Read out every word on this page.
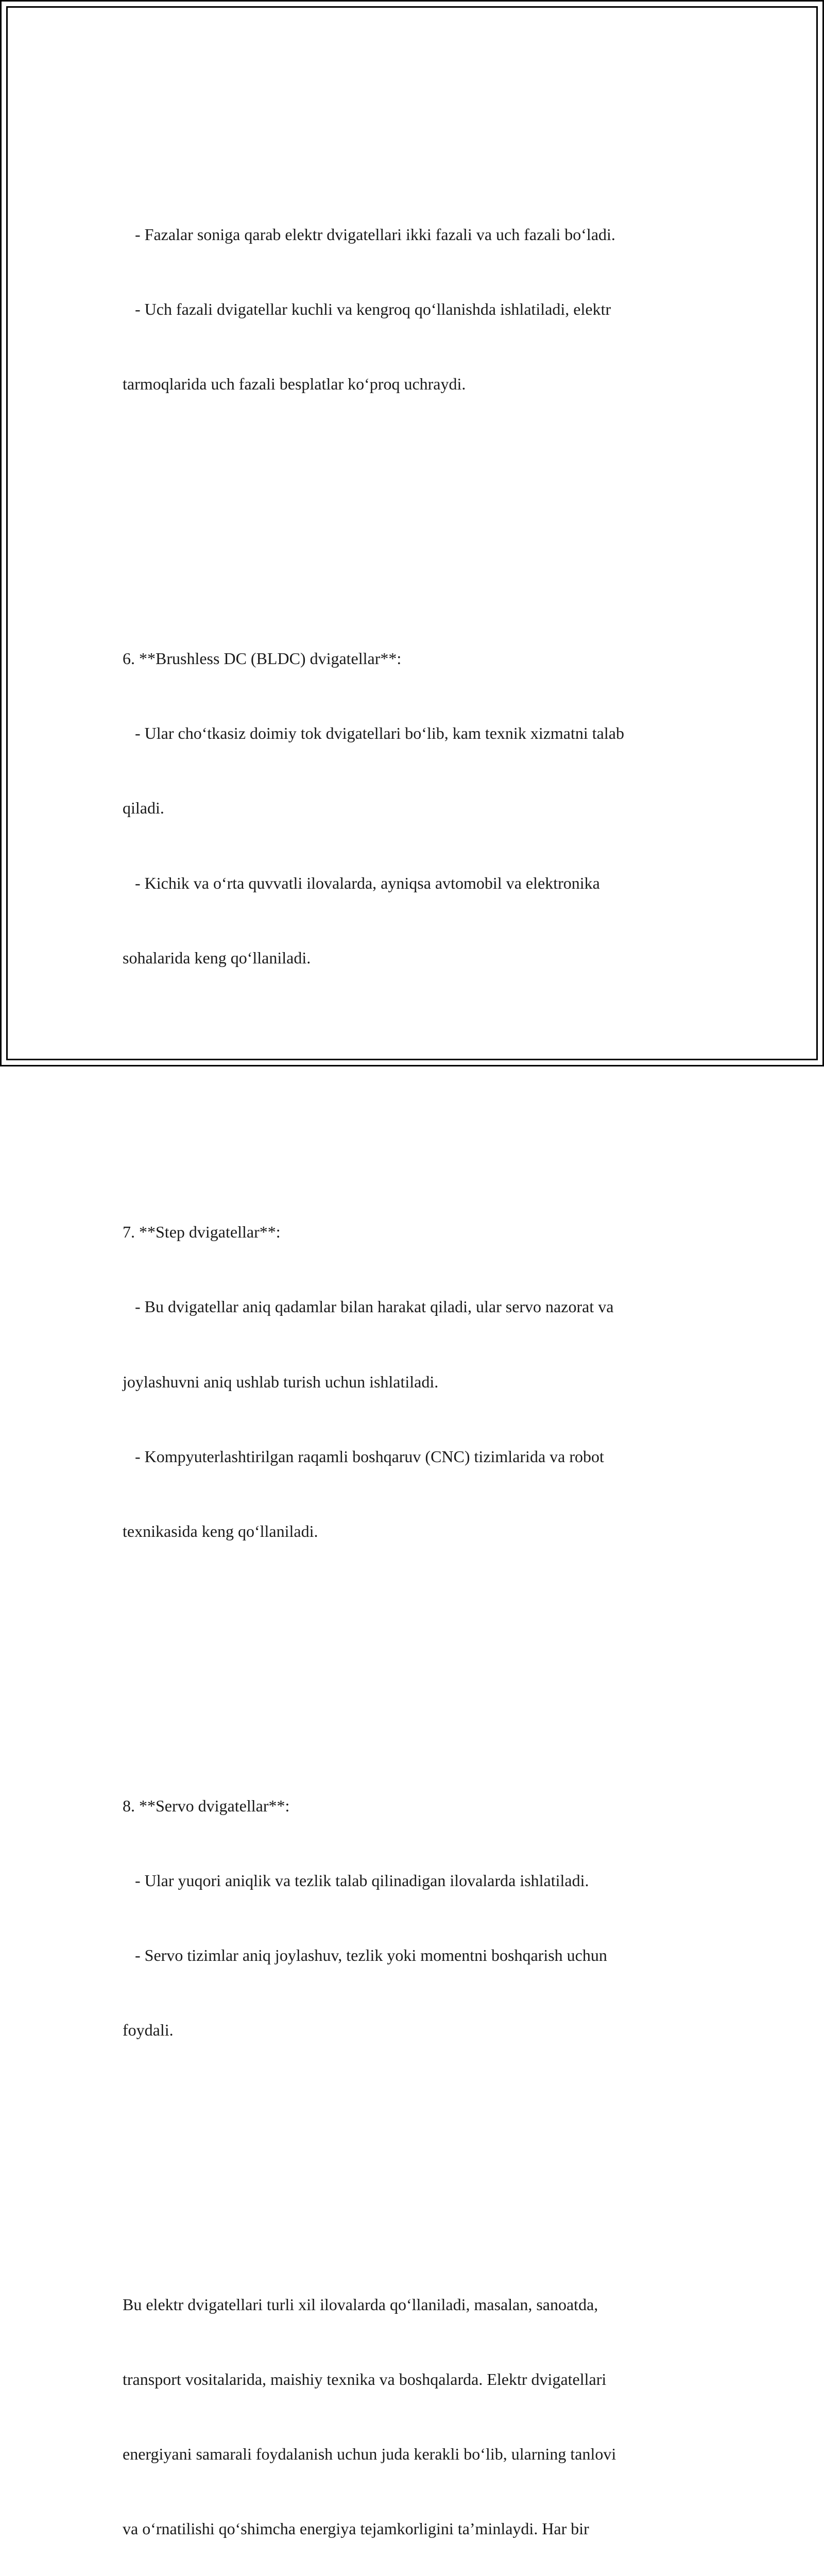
- Fazalar soniga qarab elektr dvigatellari ikki fazali va uch fazali bo‘ladi.

- Uch fazali dvigatellar kuchli va kengroq qo‘llanishda ishlatiladi, elektr

tarmoqlarida uch fazali besplatlar ko‘proq uchraydi.

6. **Brushless DC (BLDC) dvigatellar**:

- Ular cho‘tkasiz doimiy tok dvigatellari bo‘lib, kam texnik xizmatni talab

qiladi.

- Kichik va o‘rta quvvatli ilovalarda, ayniqsa avtomobil va elektronika

sohalarida keng qo‘llaniladi.

7. **Step dvigatellar**:

- Bu dvigatellar aniq qadamlar bilan harakat qiladi, ular servo nazorat va

joylashuvni aniq ushlab turish uchun ishlatiladi.

- Kompyuterlashtirilgan raqamli boshqaruv (CNC) tizimlarida va robot

texnikasida keng qo‘llaniladi.

8. **Servo dvigatellar**:

- Ular yuqori aniqlik va tezlik talab qilinadigan ilovalarda ishlatiladi.

- Servo tizimlar aniq joylashuv, tezlik yoki momentni boshqarish uchun

foydali.

Bu elektr dvigatellari turli xil ilovalarda qo‘llaniladi, masalan, sanoatda,

transport vositalarida, maishiy texnika va boshqalarda. Elektr dvigatellari

energiyani samarali foydalanish uchun juda kerakli bo‘lib, ularning tanlovi

va o‘rnatilishi qo‘shimcha energiya tejamkorligini ta’minlaydi. Har bir
